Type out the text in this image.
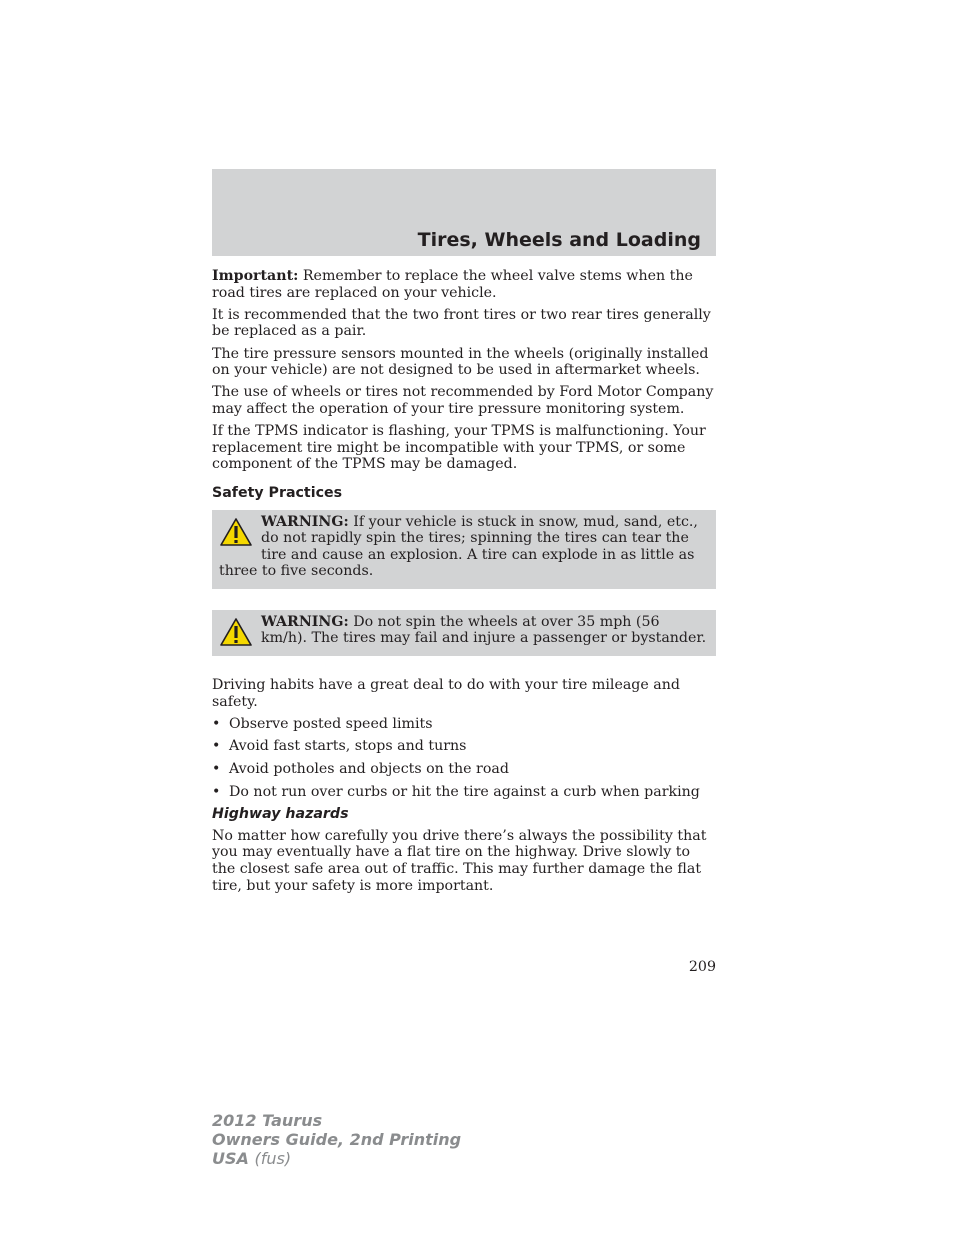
Tires, Wheels and Loading

Important: Remember to replace the wheel valve stems when the road tires are replaced on your vehicle.

It is recommended that the two front tires or two rear tires generally be replaced as a pair.

The tire pressure sensors mounted in the wheels (originally installed on your vehicle) are not designed to be used in aftermarket wheels.

The use of wheels or tires not recommended by Ford Motor Company may affect the operation of your tire pressure monitoring system.

If the TPMS indicator is flashing, your TPMS is malfunctioning. Your replacement tire might be incompatible with your TPMS, or some component of the TPMS may be damaged.

Safety Practices
WARNING: If your vehicle is stuck in snow, mud, sand, etc., do not rapidly spin the tires; spinning the tires can tear the tire and cause an explosion. A tire can explode in as little as three to five seconds.
WARNING: Do not spin the wheels at over 35 mph (56 km/h). The tires may fail and injure a passenger or bystander.

Driving habits have a great deal to do with your tire mileage and safety.

• Observe posted speed limits
• Avoid fast starts, stops and turns
• Avoid potholes and objects on the road
• Do not run over curbs or hit the tire against a curb when parking
Highway hazards

No matter how carefully you drive there’s always the possibility that you may eventually have a flat tire on the highway. Drive slowly to the closest safe area out of traffic. This may further damage the flat tire, but your safety is more important.

209
2012 Taurus
Owners Guide, 2nd Printing
USA (fus)
